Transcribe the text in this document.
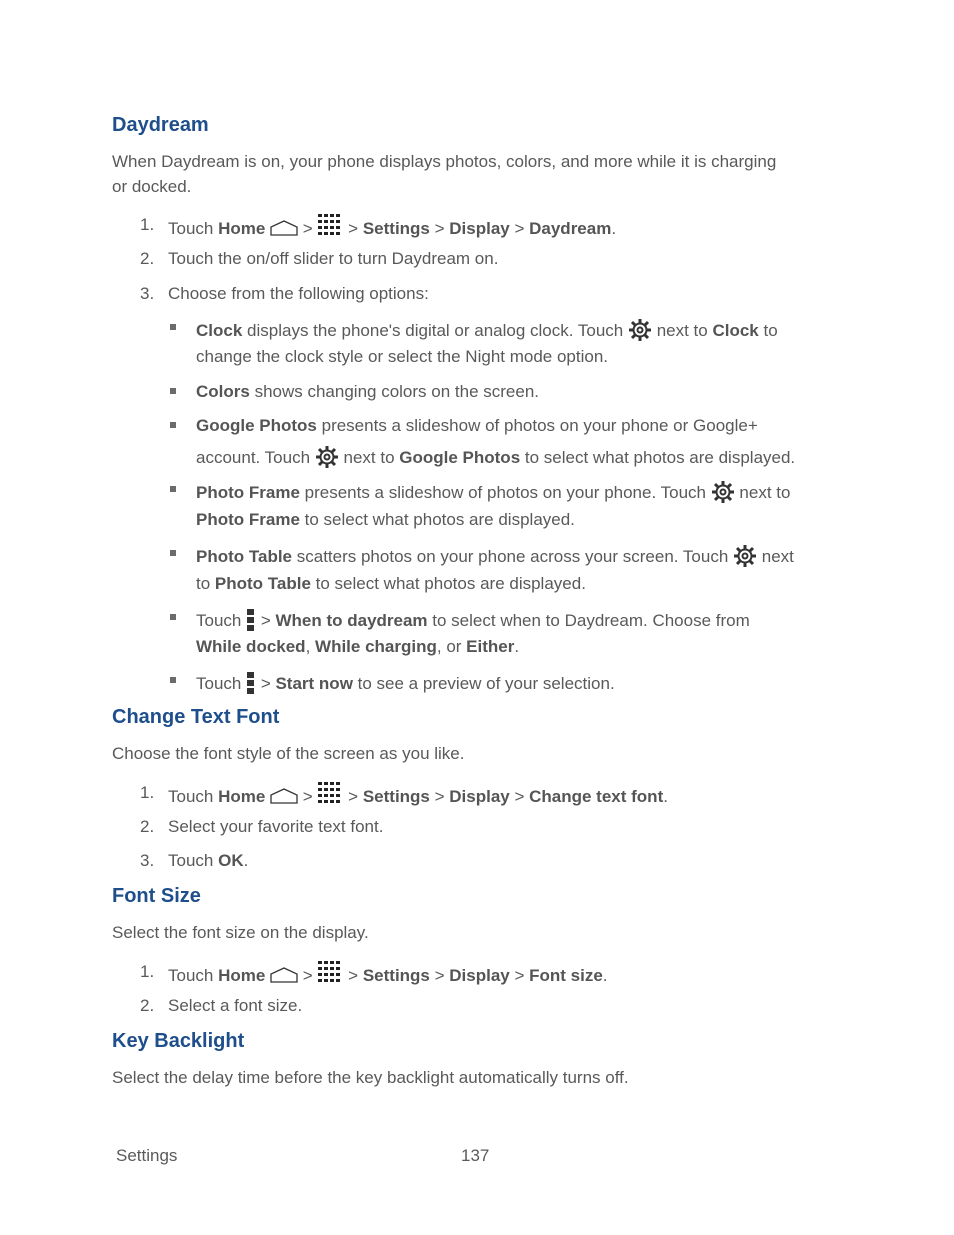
Daydream
When Daydream is on, your phone displays photos, colors, and more while it is charging
or docked.
1. Touch Home  >  > Settings > Display > Daydream.
2. Touch the on/off slider to turn Daydream on.
3. Choose from the following options:
Clock displays the phone's digital or analog clock. Touch  next to Clock to
change the clock style or select the Night mode option.
Colors shows changing colors on the screen.
Google Photos presents a slideshow of photos on your phone or Google+
account. Touch  next to Google Photos to select what photos are displayed.
Photo Frame presents a slideshow of photos on your phone. Touch  next to
Photo Frame to select what photos are displayed.
Photo Table scatters photos on your phone across your screen. Touch  next
to Photo Table to select what photos are displayed.
Touch  > When to daydream to select when to Daydream. Choose from
While docked, While charging, or Either.
Touch  > Start now to see a preview of your selection.
Change Text Font
Choose the font style of the screen as you like.
1. Touch Home  >  > Settings > Display > Change text font.
2. Select your favorite text font.
3. Touch OK.
Font Size
Select the font size on the display.
1. Touch Home  >  > Settings > Display > Font size.
2. Select a font size.
Key Backlight
Select the delay time before the key backlight automatically turns off.
Settings	137
